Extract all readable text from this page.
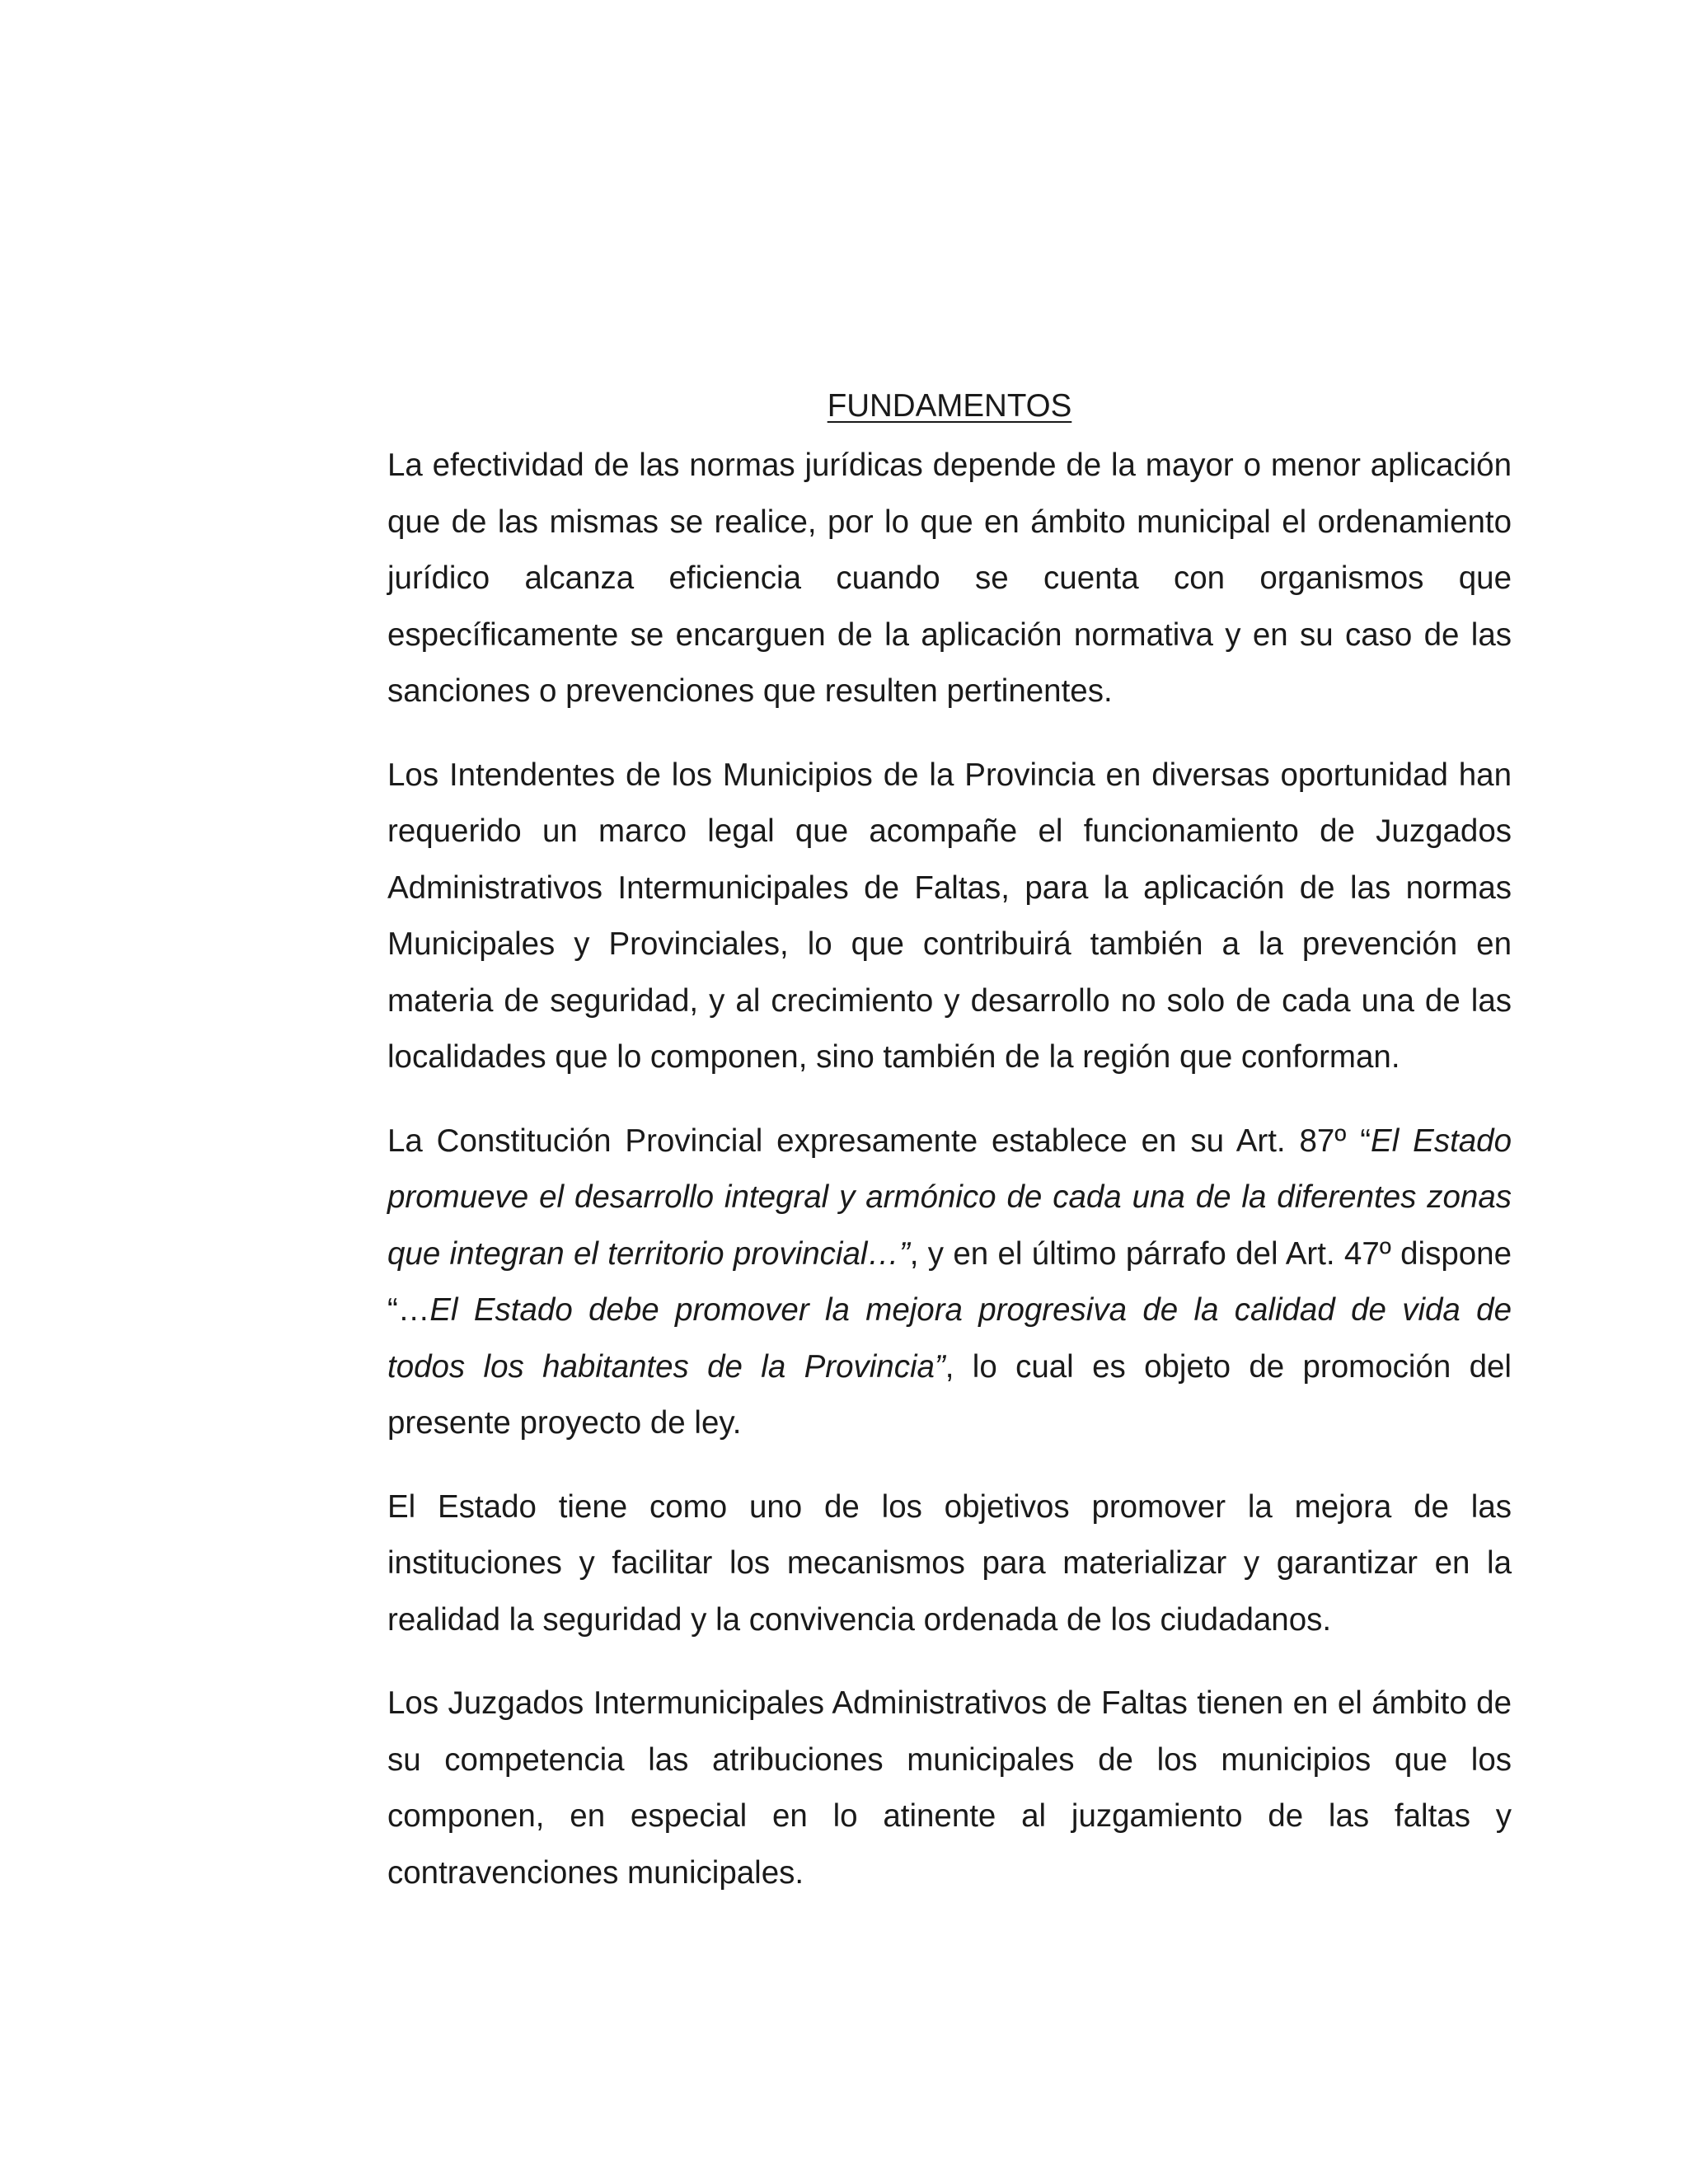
FUNDAMENTOS

La efectividad de las normas jurídicas depende de la mayor o menor aplicación que de las mismas se realice, por lo que en ámbito municipal el ordenamiento jurídico alcanza eficiencia cuando se cuenta con organismos que específicamente se encarguen de la aplicación normativa y en su caso de las sanciones o prevenciones que resulten pertinentes.

Los Intendentes de los Municipios de la Provincia en diversas oportunidad han requerido un marco legal que acompañe el funcionamiento de Juzgados Administrativos Intermunicipales de Faltas, para la aplicación de las normas Municipales y Provinciales, lo que contribuirá también a la prevención en materia de seguridad, y al crecimiento y desarrollo no solo de cada una de las localidades que lo componen, sino también de la región que conforman.

La Constitución Provincial expresamente establece en su Art. 87º “El Estado promueve el desarrollo integral y armónico de cada una de la diferentes zonas que integran el territorio provincial…”, y en el último párrafo del Art. 47º dispone “…El Estado debe promover la mejora progresiva de la calidad de vida de todos los habitantes de la Provincia”, lo cual es objeto de promoción del presente proyecto de ley.

El Estado tiene como uno de los objetivos promover la mejora de las instituciones y facilitar los mecanismos para materializar y garantizar en la realidad la seguridad y la convivencia ordenada de los ciudadanos.

Los Juzgados Intermunicipales Administrativos de Faltas tienen en el ámbito de su competencia las atribuciones municipales de los municipios que los componen, en especial en lo atinente al juzgamiento de las faltas y contravenciones municipales.
